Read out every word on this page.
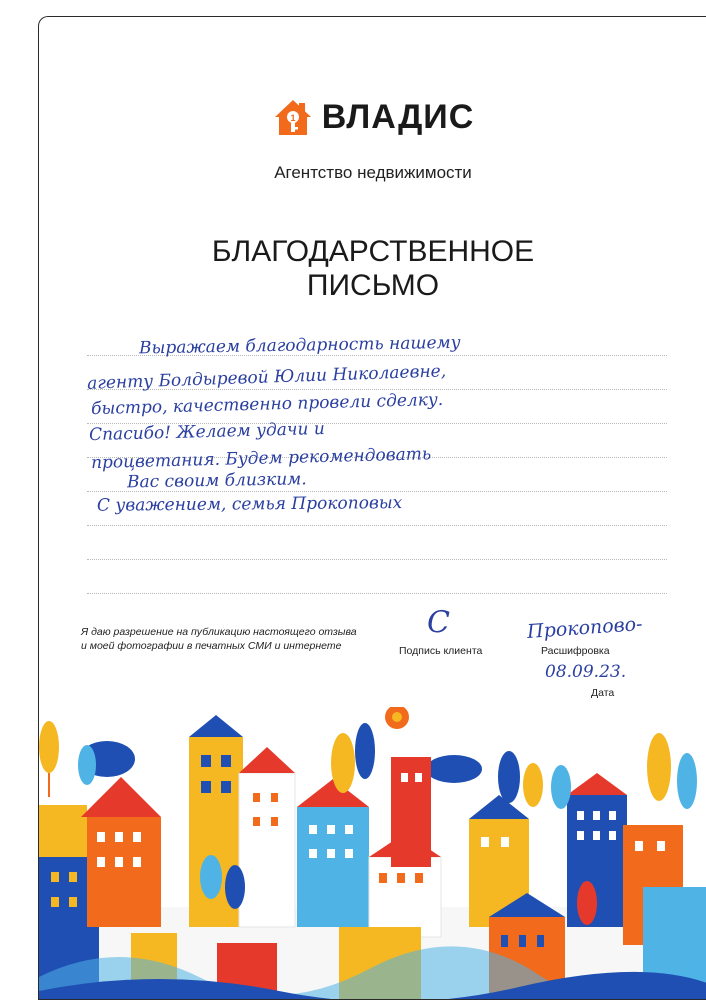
1 ВЛАДИС
Агентство недвижимости
БЛАГОДАРСТВЕННОЕ
ПИСЬМО
Выражаем благодарность нашему
агенту Болдыревой Юлии Николаевне,
быстро, качественно провели сделку.
Спасибо! Желаем удачи и
процветания. Будем рекомендовать
Вас своим близким.
С уважением, семья Прокоповых
Я даю разрешение на публикацию настоящего отзыва
и моей фотографии в печатных СМИ и интернете
С
Подпись клиента
Прокопово-
Расшифровка
08.09.23.
Дата
